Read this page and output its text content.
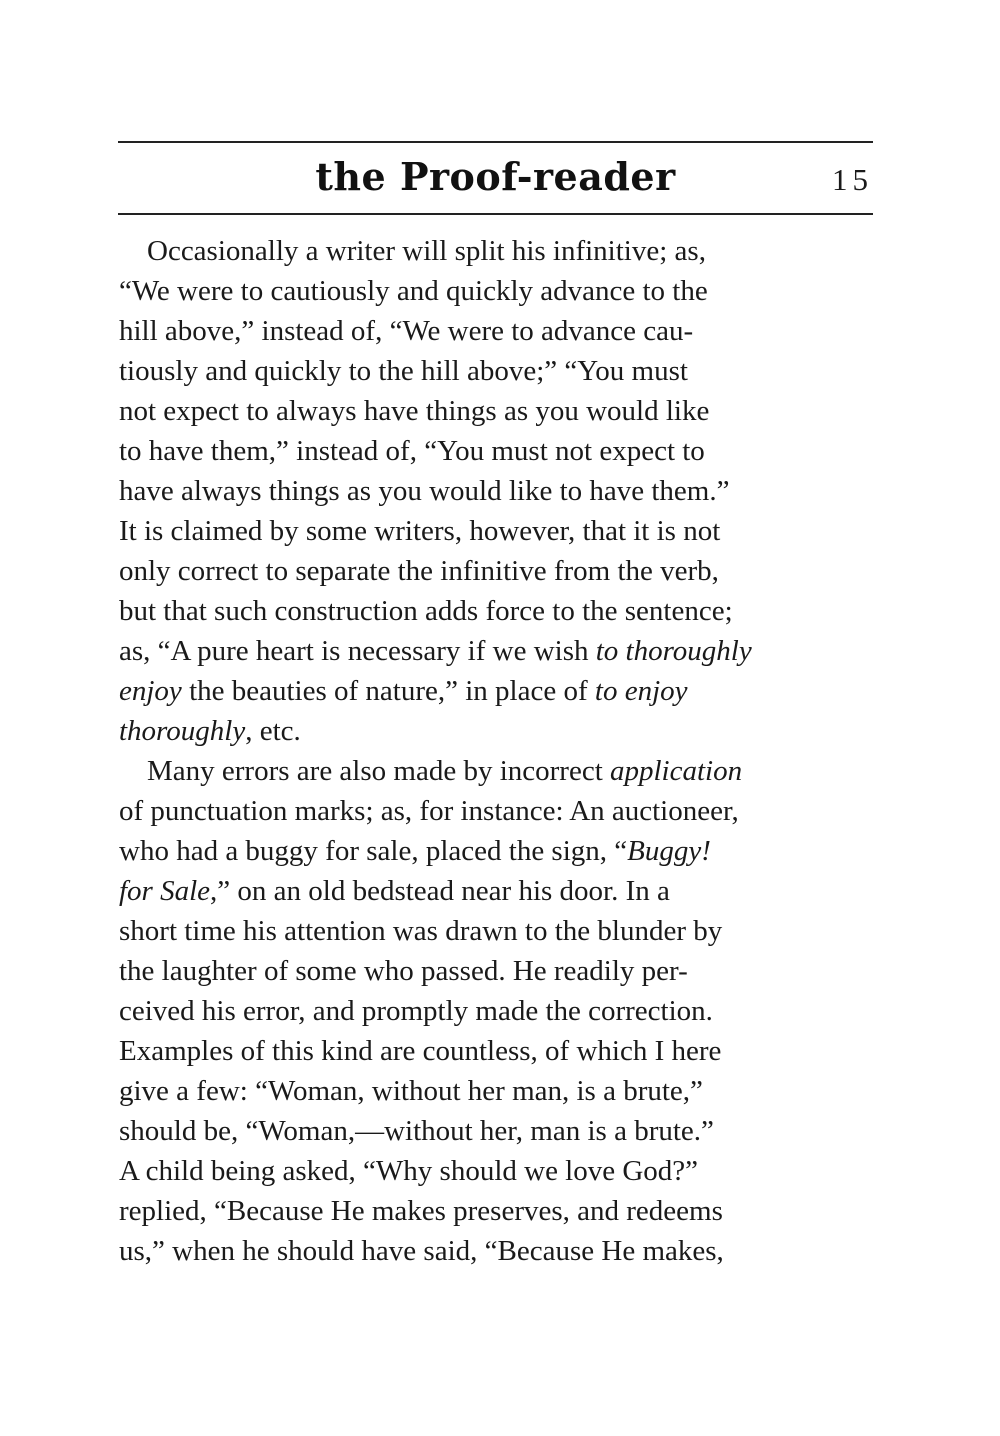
the Proof-reader	15
Occasionally a writer will split his infinitive; as,
“We were to cautiously and quickly advance to the
hill above,” instead of, “We were to advance cau-
tiously and quickly to the hill above;” “You must
not expect to always have things as you would like
to have them,” instead of, “You must not expect to
have always things as you would like to have them.”
It is claimed by some writers, however, that it is not
only correct to separate the infinitive from the verb,
but that such construction adds force to the sentence;
as, “A pure heart is necessary if we wish to thoroughly
enjoy the beauties of nature,” in place of to enjoy
thoroughly, etc.
Many errors are also made by incorrect application
of punctuation marks; as, for instance: An auctioneer,
who had a buggy for sale, placed the sign, “Buggy!
for Sale,” on an old bedstead near his door. In a
short time his attention was drawn to the blunder by
the laughter of some who passed. He readily per-
ceived his error, and promptly made the correction.
Examples of this kind are countless, of which I here
give a few: “Woman, without her man, is a brute,”
should be, “Woman,—without her, man is a brute.”
A child being asked, “Why should we love God?”
replied, “Because He makes preserves, and redeems
us,” when he should have said, “Because He makes,
